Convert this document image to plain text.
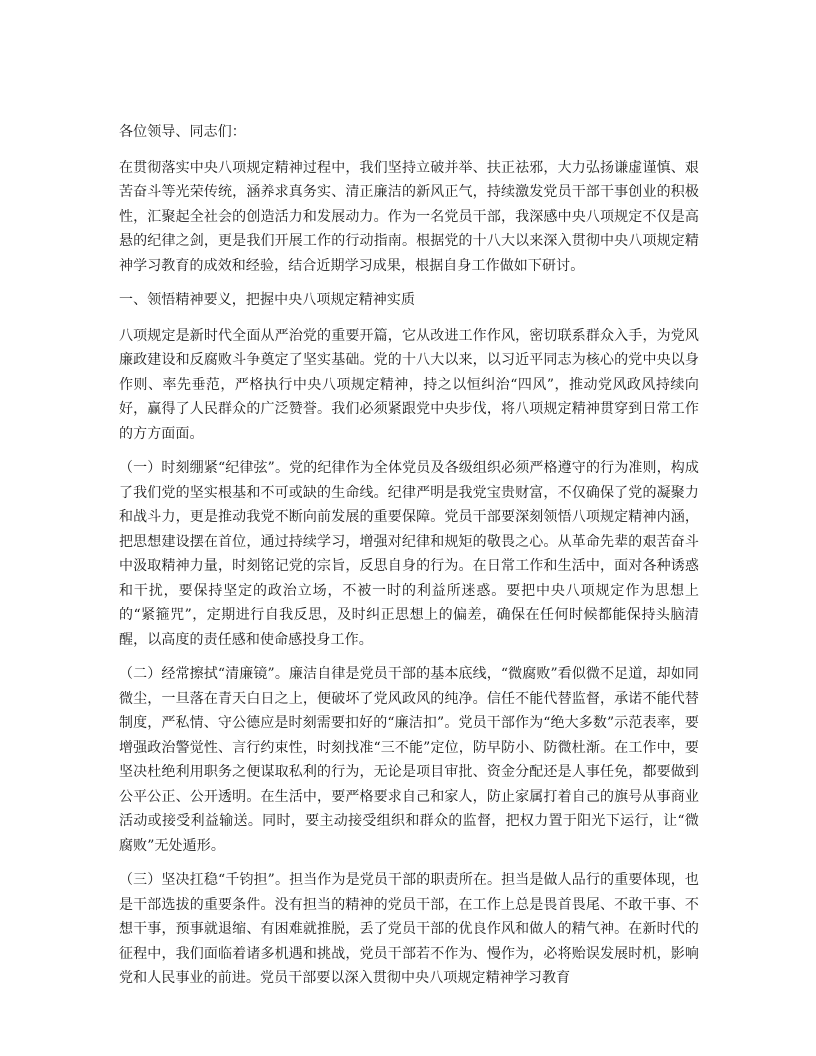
各位领导、同志们：

在贯彻落实中央八项规定精神过程中，我们坚持立破并举、扶正祛邪，大力弘扬谦虚谨慎、艰苦奋斗等光荣传统，涵养求真务实、清正廉洁的新风正气，持续激发党员干部干事创业的积极性，汇聚起全社会的创造活力和发展动力。作为一名党员干部，我深感中央八项规定不仅是高悬的纪律之剑，更是我们开展工作的行动指南。根据党的十八大以来深入贯彻中央八项规定精神学习教育的成效和经验，结合近期学习成果，根据自身工作做如下研讨。

一、领悟精神要义，把握中央八项规定精神实质

八项规定是新时代全面从严治党的重要开篇，它从改进工作作风，密切联系群众入手，为党风廉政建设和反腐败斗争奠定了坚实基础。党的十八大以来，以习近平同志为核心的党中央以身作则、率先垂范，严格执行中央八项规定精神，持之以恒纠治“四风”，推动党风政风持续向好，赢得了人民群众的广泛赞誉。我们必须紧跟党中央步伐，将八项规定精神贯穿到日常工作的方方面面。

（一）时刻绷紧“纪律弦”。党的纪律作为全体党员及各级组织必须严格遵守的行为准则，构成了我们党的坚实根基和不可或缺的生命线。纪律严明是我党宝贵财富，不仅确保了党的凝聚力和战斗力，更是推动我党不断向前发展的重要保障。党员干部要深刻领悟八项规定精神内涵，把思想建设摆在首位，通过持续学习，增强对纪律和规矩的敬畏之心。从革命先辈的艰苦奋斗中汲取精神力量，时刻铭记党的宗旨，反思自身的行为。在日常工作和生活中，面对各种诱惑和干扰，要保持坚定的政治立场，不被一时的利益所迷惑。要把中央八项规定作为思想上的“紧箍咒”，定期进行自我反思，及时纠正思想上的偏差，确保在任何时候都能保持头脑清醒，以高度的责任感和使命感投身工作。

（二）经常擦拭“清廉镜”。廉洁自律是党员干部的基本底线，“微腐败”看似微不足道，却如同微尘，一旦落在青天白日之上，便破坏了党风政风的纯净。信任不能代替监督，承诺不能代替制度，严私情、守公德应是时刻需要扣好的“廉洁扣”。党员干部作为“绝大多数”示范表率，要增强政治警觉性、言行约束性，时刻找准“三不能”定位，防早防小、防微杜渐。在工作中，要坚决杜绝利用职务之便谋取私利的行为，无论是项目审批、资金分配还是人事任免，都要做到公平公正、公开透明。在生活中，要严格要求自己和家人，防止家属打着自己的旗号从事商业活动或接受利益输送。同时，要主动接受组织和群众的监督，把权力置于阳光下运行，让“微腐败”无处遁形。

（三）坚决扛稳“千钧担”。担当作为是党员干部的职责所在。担当是做人品行的重要体现，也是干部选拔的重要条件。没有担当的精神的党员干部，在工作上总是畏首畏尾、不敢干事、不想干事，预事就退缩、有困难就推脱，丢了党员干部的优良作风和做人的精气神。在新时代的征程中，我们面临着诸多机遇和挑战，党员干部若不作为、慢作为，必将贻误发展时机，影响党和人民事业的前进。党员干部要以深入贯彻中央八项规定精神学习教育
